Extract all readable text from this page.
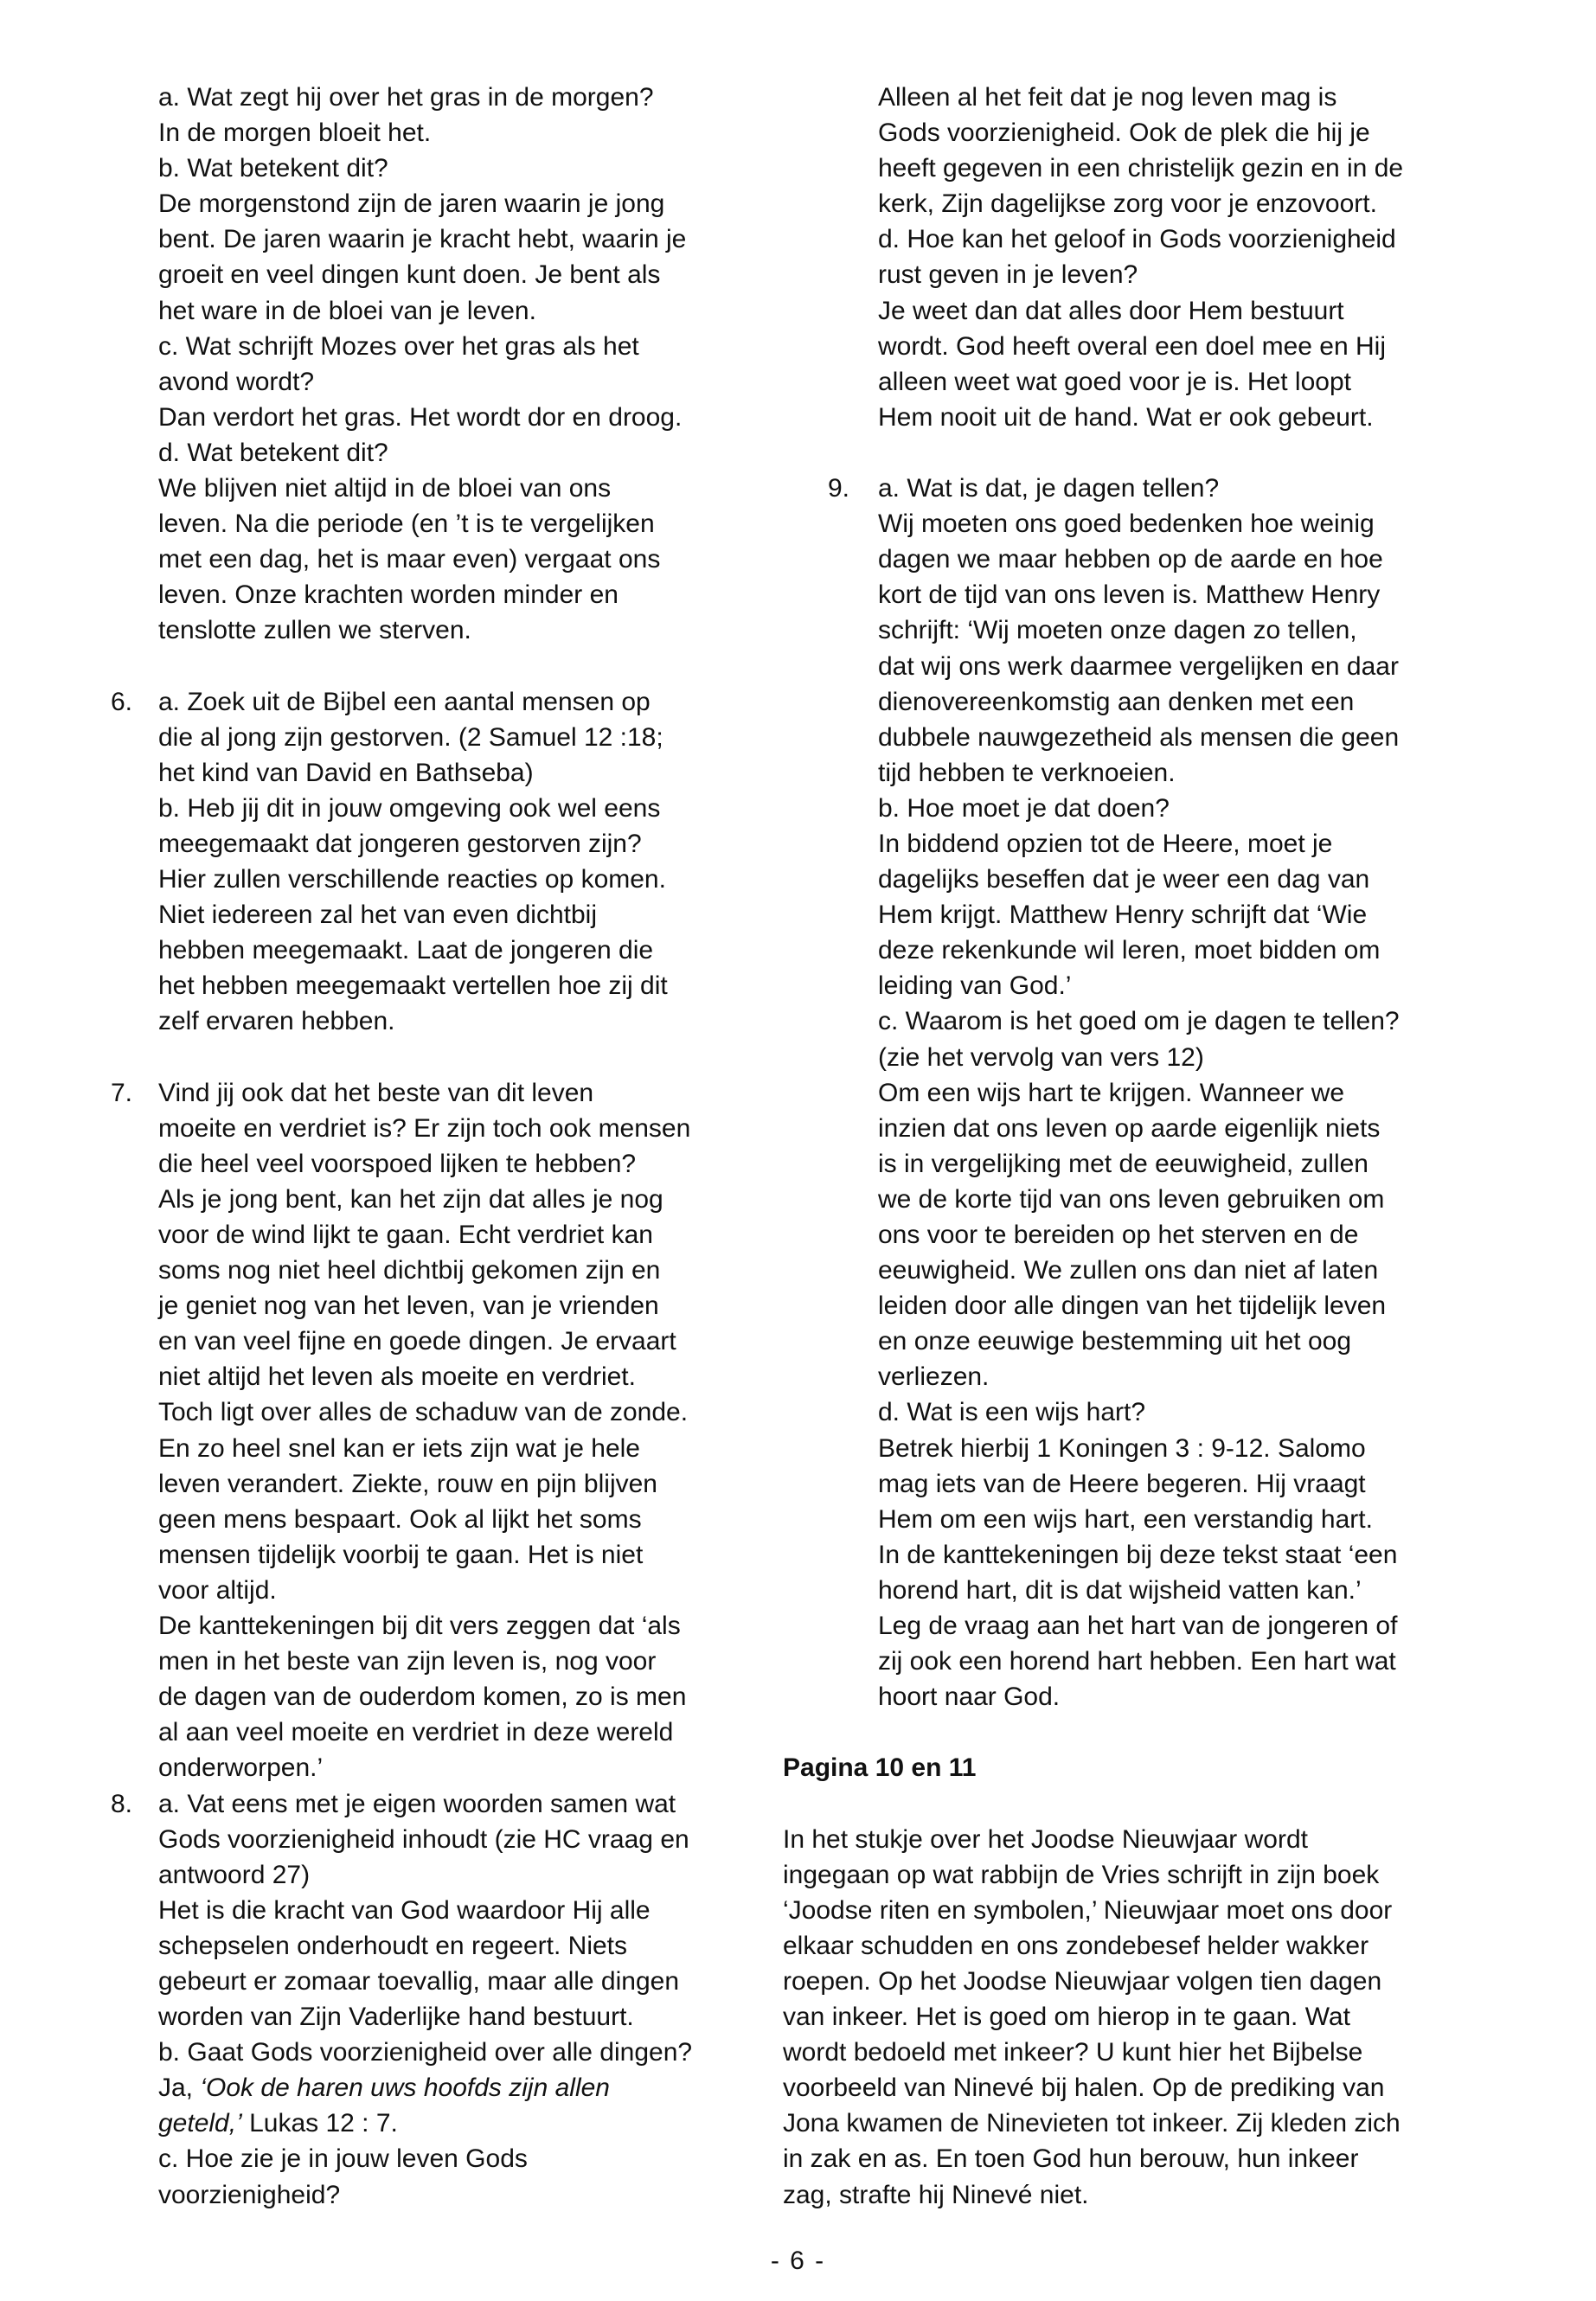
a. Wat zegt hij over het gras in de morgen?
In de morgen bloeit het.
b. Wat betekent dit?
De morgenstond zijn de jaren waarin je jong
bent. De jaren waarin je kracht hebt, waarin je
groeit en veel dingen kunt doen. Je bent als
het ware in de bloei van je leven.
c. Wat schrijft Mozes over het gras als het
avond wordt?
Dan verdort het gras. Het wordt dor en droog.
d. Wat betekent dit?
We blijven niet altijd in de bloei van ons
leven. Na die periode (en ’t is te vergelijken
met een dag, het is maar even) vergaat ons
leven. Onze krachten worden minder en
tenslotte zullen we sterven.
6. a. Zoek uit de Bijbel een aantal mensen op
die al jong zijn gestorven. (2 Samuel 12 :18;
het kind van David en Bathseba)
b. Heb jij dit in jouw omgeving ook wel eens
meegemaakt dat jongeren gestorven zijn?
Hier zullen verschillende reacties op komen.
Niet iedereen zal het van even dichtbij
hebben meegemaakt. Laat de jongeren die
het hebben meegemaakt vertellen hoe zij dit
zelf ervaren hebben.
7. Vind jij ook dat het beste van dit leven
moeite en verdriet is? Er zijn toch ook mensen
die heel veel voorspoed lijken te hebben?
Als je jong bent, kan het zijn dat alles je nog
voor de wind lijkt te gaan. Echt verdriet kan
soms nog niet heel dichtbij gekomen zijn en
je geniet nog van het leven, van je vrienden
en van veel fijne en goede dingen. Je ervaart
niet altijd het leven als moeite en verdriet.
Toch ligt over alles de schaduw van de zonde.
En zo heel snel kan er iets zijn wat je hele
leven verandert. Ziekte, rouw en pijn blijven
geen mens bespaart. Ook al lijkt het soms
mensen tijdelijk voorbij te gaan. Het is niet
voor altijd.
De kanttekeningen bij dit vers zeggen dat ‘als
men in het beste van zijn leven is, nog voor
de dagen van de ouderdom komen, zo is men
al aan veel moeite en verdriet in deze wereld
onderworpen.’
8. a. Vat eens met je eigen woorden samen wat
Gods voorzienigheid inhoudt (zie HC vraag en
antwoord 27)
Het is die kracht van God waardoor Hij alle
schepselen onderhoudt en regeert. Niets
gebeurt er zomaar toevallig, maar alle dingen
worden van Zijn Vaderlijke hand bestuurt.
b. Gaat Gods voorzienigheid over alle dingen?
Ja, ‘Ook de haren uws hoofds zijn allen
geteld,’ Lukas 12 : 7.
c. Hoe zie je in jouw leven Gods
voorzienigheid?
Alleen al het feit dat je nog leven mag is
Gods voorzienigheid. Ook de plek die hij je
heeft gegeven in een christelijk gezin en in de
kerk, Zijn dagelijkse zorg voor je enzovoort.
d. Hoe kan het geloof in Gods voorzienigheid
rust geven in je leven?
Je weet dan dat alles door Hem bestuurt
wordt. God heeft overal een doel mee en Hij
alleen weet wat goed voor je is. Het loopt
Hem nooit uit de hand. Wat er ook gebeurt.
9. a. Wat is dat, je dagen tellen?
Wij moeten ons goed bedenken hoe weinig
dagen we maar hebben op de aarde en hoe
kort de tijd van ons leven is. Matthew Henry
schrijft: ‘Wij moeten onze dagen zo tellen,
dat wij ons werk daarmee vergelijken en daar
dienovereenkomstig aan denken met een
dubbele nauwgezetheid als mensen die geen
tijd hebben te verknoeien.
b. Hoe moet je dat doen?
In biddend opzien tot de Heere, moet je
dagelijks beseffen dat je weer een dag van
Hem krijgt. Matthew Henry schrijft dat ‘Wie
deze rekenkunde wil leren, moet bidden om
leiding van God.’
c. Waarom is het goed om je dagen te tellen?
(zie het vervolg van vers 12)
Om een wijs hart te krijgen. Wanneer we
inzien dat ons leven op aarde eigenlijk niets
is in vergelijking met de eeuwigheid, zullen
we de korte tijd van ons leven gebruiken om
ons voor te bereiden op het sterven en de
eeuwigheid. We zullen ons dan niet af laten
leiden door alle dingen van het tijdelijk leven
en onze eeuwige bestemming uit het oog
verliezen.
d. Wat is een wijs hart?
Betrek hierbij 1 Koningen 3 : 9-12. Salomo
mag iets van de Heere begeren. Hij vraagt
Hem om een wijs hart, een verstandig hart.
In de kanttekeningen bij deze tekst staat ‘een
horend hart, dit is dat wijsheid vatten kan.’
Leg de vraag aan het hart van de jongeren of
zij ook een horend hart hebben. Een hart wat
hoort naar God.
Pagina 10 en 11
In het stukje over het Joodse Nieuwjaar wordt
ingegaan op wat rabbijn de Vries schrijft in zijn boek
‘Joodse riten en symbolen,’ Nieuwjaar moet ons door
elkaar schudden en ons zondebesef helder wakker
roepen. Op het Joodse Nieuwjaar volgen tien dagen
van inkeer. Het is goed om hierop in te gaan. Wat
wordt bedoeld met inkeer? U kunt hier het Bijbelse
voorbeeld van Ninevé bij halen. Op de prediking van
Jona kwamen de Ninevieten tot inkeer. Zij kleden zich
in zak en as. En toen God hun berouw, hun inkeer
zag, strafte hij Ninevé niet.
- 6 -
